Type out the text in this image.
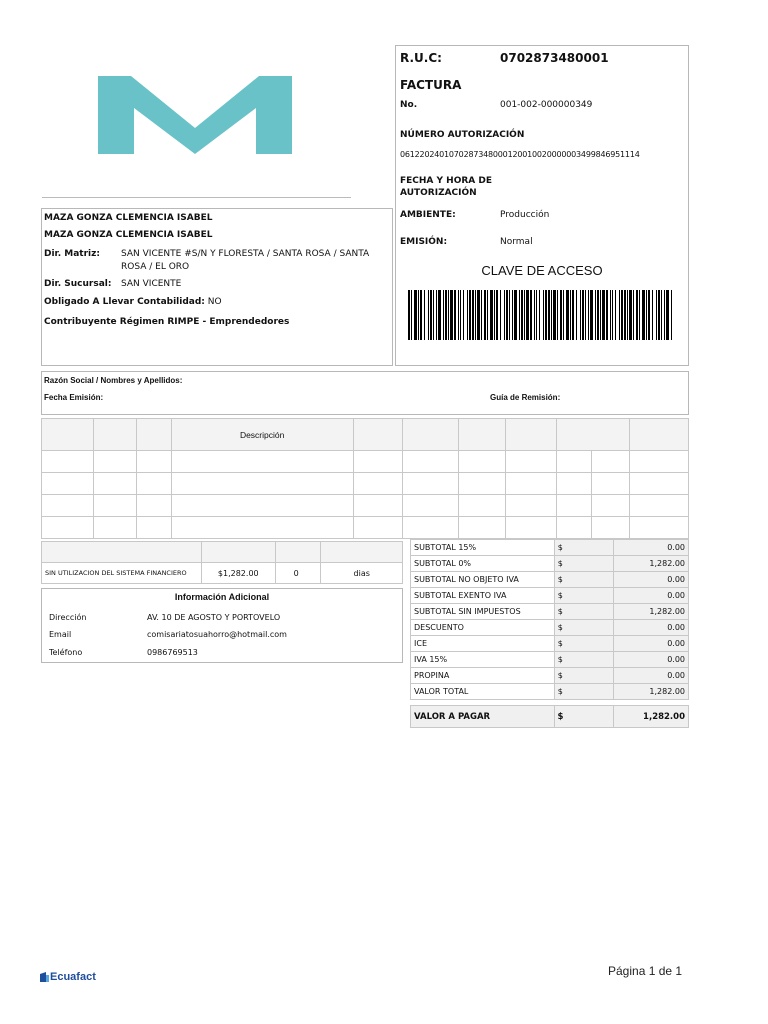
MAZA GONZA CLEMENCIA ISABEL
MAZA GONZA CLEMENCIA ISABEL
Dir. Matriz: SAN VICENTE #S/N Y FLORESTA / SANTA ROSA / SANTA
ROSA / EL ORO
Dir. Sucursal: SAN VICENTE
Obligado A Llevar Contabilidad: NO
Contribuyente Régimen RIMPE - Emprendedores
R.U.C:	0702873480001
FACTURA
No.	001-002-000000349
NÚMERO AUTORIZACIÓN
0612202401070287348000120010020000003499846951114
FECHA Y HORA DE
AUTORIZACIÓN
AMBIENTE:	Producción
EMISIÓN:	Normal
CLAVE DE ACCESO
Razón Social / Nombres y Apellidos:
Fecha Emisión:	Guía de Remisión:
			Descripción							

SIN UTILIZACION DEL SISTEMA FINANCIERO	$1,282.00	0	dias
Información Adicional
Dirección	AV. 10 DE AGOSTO Y PORTOVELO
Email	comisariatosuahorro@hotmail.com
Teléfono	0986769513
SUBTOTAL 15%	$	0.00
SUBTOTAL 0%	$	1,282.00
SUBTOTAL NO OBJETO IVA	$	0.00
SUBTOTAL EXENTO IVA	$	0.00
SUBTOTAL SIN IMPUESTOS	$	1,282.00
DESCUENTO	$	0.00
ICE	$	0.00
IVA 15%	$	0.00
PROPINA	$	0.00
VALOR TOTAL	$	1,282.00
VALOR A PAGAR	$	1,282.00
Ecuafact	Página 1 de 1
